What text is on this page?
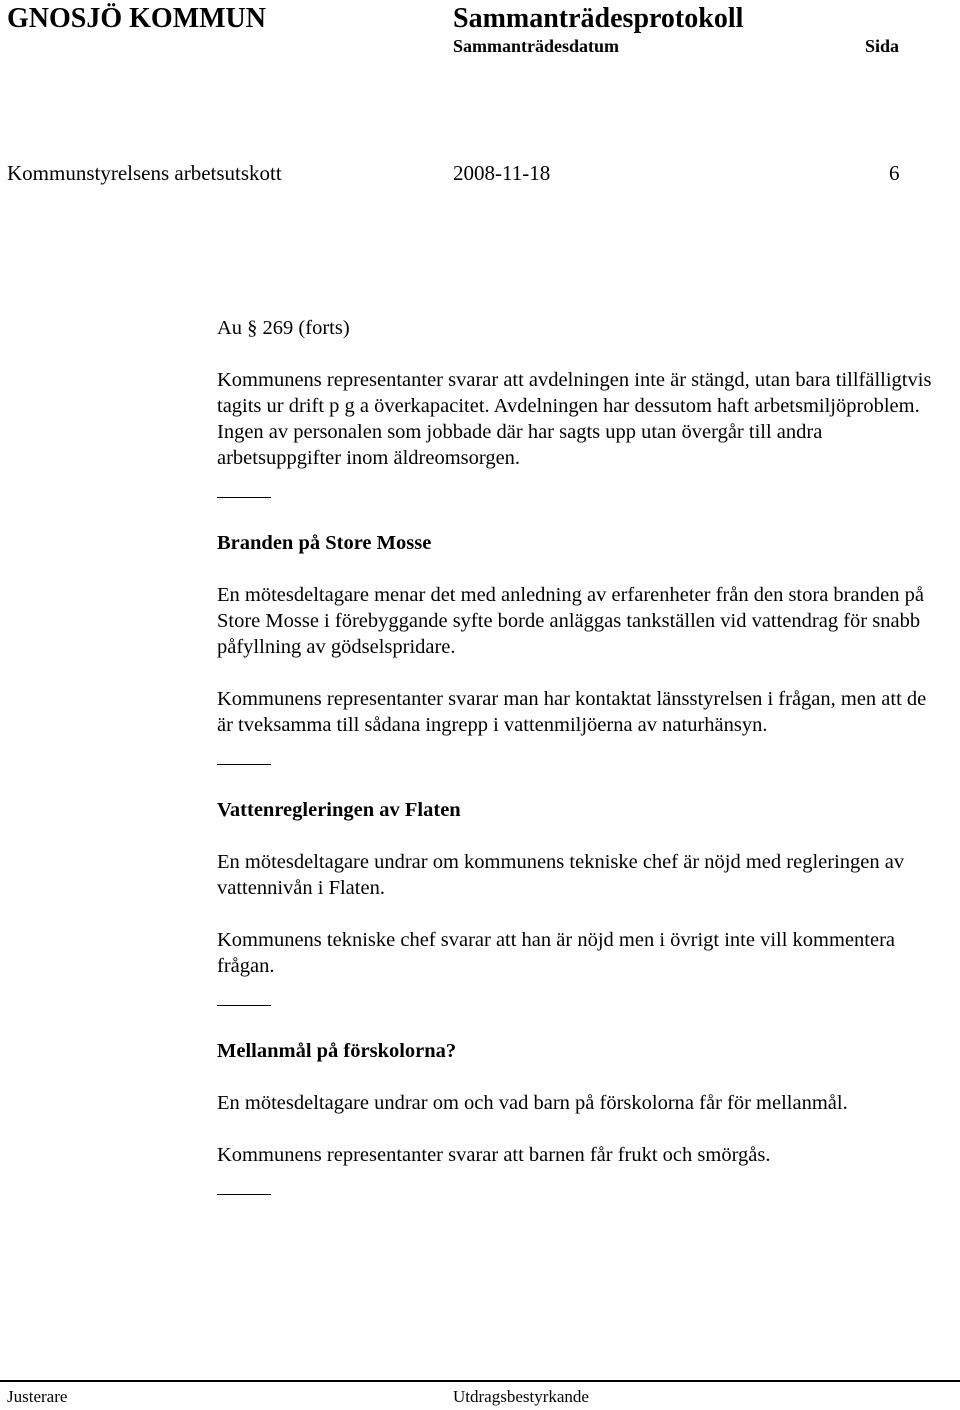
GNOSJÖ KOMMUN	Sammanträdesprotokoll
Sammanträdesdatum	Sida
Kommunstyrelsens arbetsutskott	2008-11-18	6

Au § 269 (forts)

Kommunens representanter svarar att avdelningen inte är stängd, utan bara tillfälligtvis tagits ur drift p g a överkapacitet. Avdelningen har dessutom haft arbetsmiljöproblem. Ingen av personalen som jobbade där har sagts upp utan övergår till andra arbetsuppgifter inom äldreomsorgen.

Branden på Store Mosse

En mötesdeltagare menar det med anledning av erfarenheter från den stora branden på Store Mosse i förebyggande syfte borde anläggas tankställen vid vattendrag för snabb påfyllning av gödselspridare.

Kommunens representanter svarar man har kontaktat länsstyrelsen i frågan, men att de är tveksamma till sådana ingrepp i vattenmiljöerna av naturhänsyn.

Vattenregleringen av Flaten

En mötesdeltagare undrar om kommunens tekniske chef är nöjd med regleringen av vattennivån i Flaten.

Kommunens tekniske chef svarar att han är nöjd men i övrigt inte vill kommentera frågan.

Mellanmål på förskolorna?

En mötesdeltagare undrar om och vad barn på förskolorna får för mellanmål.

Kommunens representanter svarar att barnen får frukt och smörgås.

Justerare	Utdragsbestyrkande
